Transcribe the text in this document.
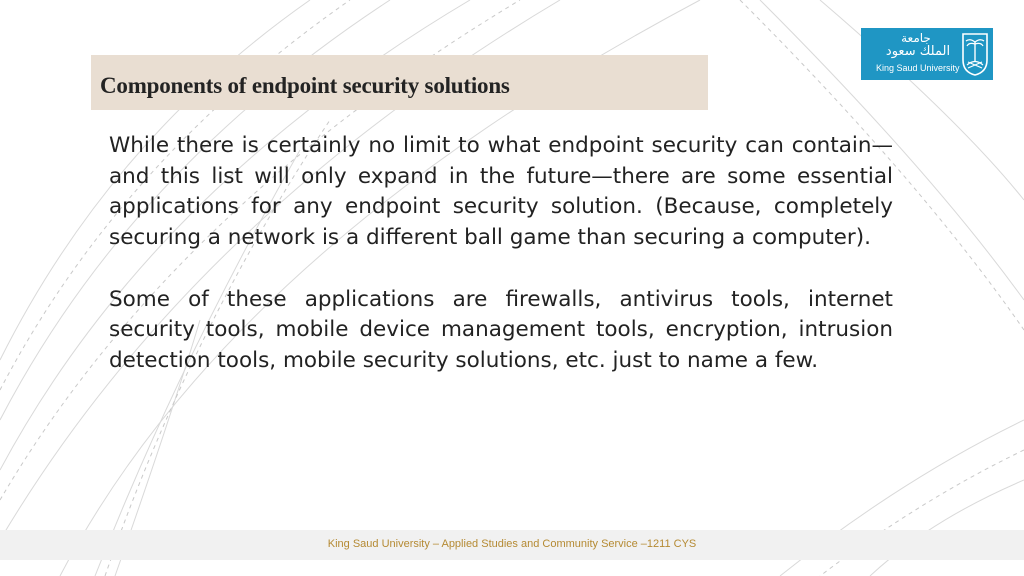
Components of endpoint security solutions
جامعة
الملك سعود
King Saud University

While there is certainly no limit to what endpoint security can contain—and this list will only expand in the future—there are some essential applications for any endpoint security solution. (Because, completely securing a network is a different ball game than securing a computer).

Some of these applications are firewalls, antivirus tools, internet security tools, mobile device management tools, encryption, intrusion detection tools, mobile security solutions, etc. just to name a few.

King Saud University – Applied Studies and Community Service –1211 CYS
